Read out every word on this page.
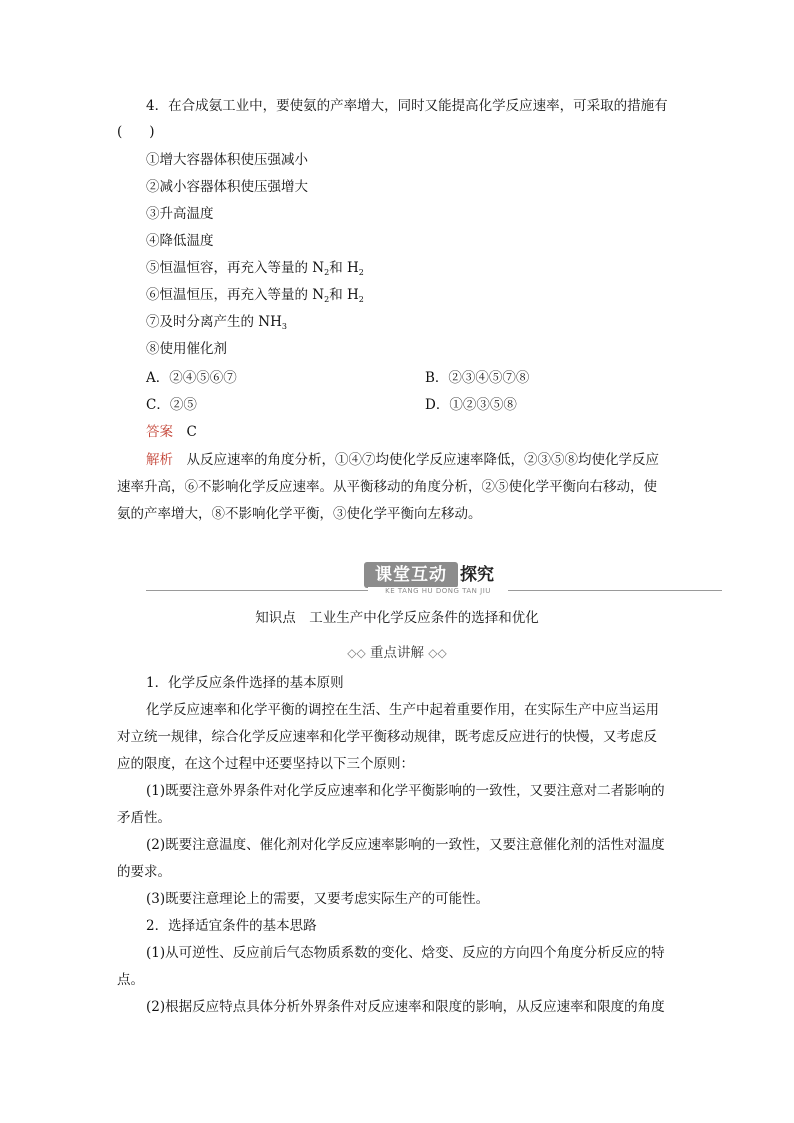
4．在合成氨工业中，要使氨的产率增大，同时又能提高化学反应速率，可采取的措施有
(　　)
①增大容器体积使压强减小
②减小容器体积使压强增大
③升高温度
④降低温度
⑤恒温恒容，再充入等量的 $N_2$和 $H_2$
⑥恒温恒压，再充入等量的 $N_2$和 $H_2$
⑦及时分离产生的 $NH_3$
⑧使用催化剂
A．②④⑤⑥⑦	B．②③④⑤⑦⑧
C．②⑤	D．①②③⑤⑧
答案  C
解析  从反应速率的角度分析，①④⑦均使化学反应速率降低，②③⑤⑧均使化学反应
速率升高，⑥不影响化学反应速率。从平衡移动的角度分析，②⑤使化学平衡向右移动，使
氨的产率增大，⑧不影响化学平衡，③使化学平衡向左移动。
课堂互动 探究
KE TANG HU DONG TAN JIU
知识点　工业生产中化学反应条件的选择和优化
◇◇ 重点讲解 ◇◇
1．化学反应条件选择的基本原则
化学反应速率和化学平衡的调控在生活、生产中起着重要作用，在实际生产中应当运用
对立统一规律，综合化学反应速率和化学平衡移动规律，既考虑反应进行的快慢，又考虑反
应的限度，在这个过程中还要坚持以下三个原则：
(1)既要注意外界条件对化学反应速率和化学平衡影响的一致性，又要注意对二者影响的
矛盾性。
(2)既要注意温度、催化剂对化学反应速率影响的一致性，又要注意催化剂的活性对温度
的要求。
(3)既要注意理论上的需要，又要考虑实际生产的可能性。
2．选择适宜条件的基本思路
(1)从可逆性、反应前后气态物质系数的变化、焓变、反应的方向四个角度分析反应的特
点。
(2)根据反应特点具体分析外界条件对反应速率和限度的影响，从反应速率和限度的角度
